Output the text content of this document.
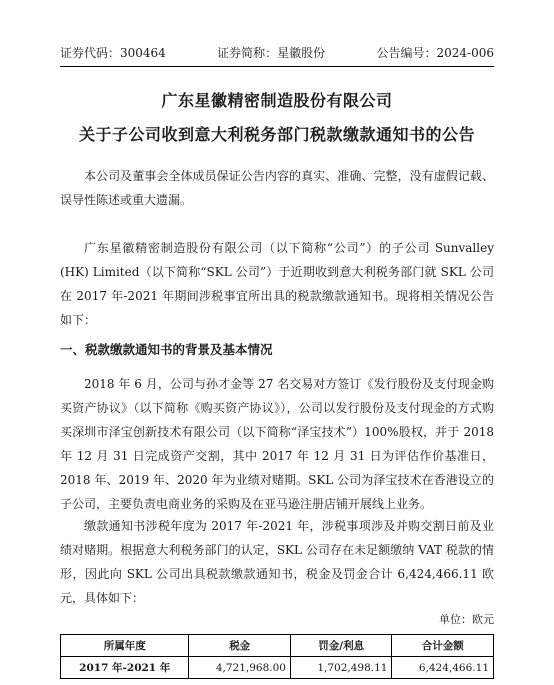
证券代码：300464	证券简称：星徽股份	公告编号：2024-006
广东星徽精密制造股份有限公司
关于子公司收到意大利税务部门税款缴款通知书的公告

本公司及董事会全体成员保证公告内容的真实、准确、完整，没有虚假记载、误导性陈述或重大遗漏。

广东星徽精密制造股份有限公司（以下简称“公司”）的子公司 Sunvalley (HK) Limited（以下简称“SKL 公司”）于近期收到意大利税务部门就 SKL 公司在 2017 年-2021 年期间涉税事宜所出具的税款缴款通知书。现将相关情况公告如下：

一、税款缴款通知书的背景及基本情况

2018 年 6 月，公司与孙才金等 27 名交易对方签订《发行股份及支付现金购买资产协议》（以下简称《购买资产协议》），公司以发行股份及支付现金的方式购买深圳市泽宝创新技术有限公司（以下简称“泽宝技术”）100%股权，并于 2018 年 12 月 31 日完成资产交割，其中 2017 年 12 月 31 日为评估作价基准日，2018 年、2019 年、2020 年为业绩对赌期。SKL 公司为泽宝技术在香港设立的子公司，主要负责电商业务的采购及在亚马逊注册店铺开展线上业务。

缴款通知书涉税年度为 2017 年-2021 年，涉税事项涉及并购交割日前及业绩对赌期。根据意大利税务部门的认定，SKL 公司存在未足额缴纳 VAT 税款的情形，因此向 SKL 公司出具税款缴款通知书，税金及罚金合计 6,424,466.11 欧元，具体如下：

单位：欧元
所属年度	税金	罚金/利息	合计金额
2017 年-2021 年	4,721,968.00	1,702,498.11	6,424,466.11
